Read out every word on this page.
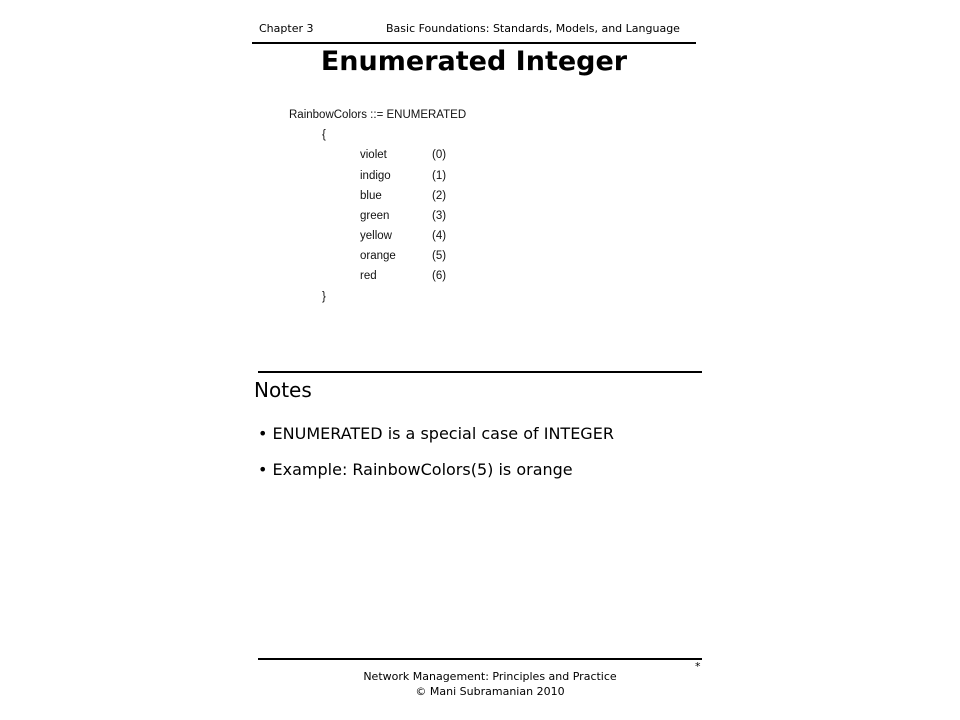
Chapter 3	Basic Foundations: Standards, Models, and Language
Enumerated Integer
RainbowColors ::= ENUMERATED
{
violet	(0)
indigo	(1)
blue	(2)
green	(3)
yellow	(4)
orange	(5)
red	(6)
}
Notes
• ENUMERATED is a special case of INTEGER
• Example: RainbowColors(5) is orange
*
Network Management: Principles and Practice
© Mani Subramanian 2010
